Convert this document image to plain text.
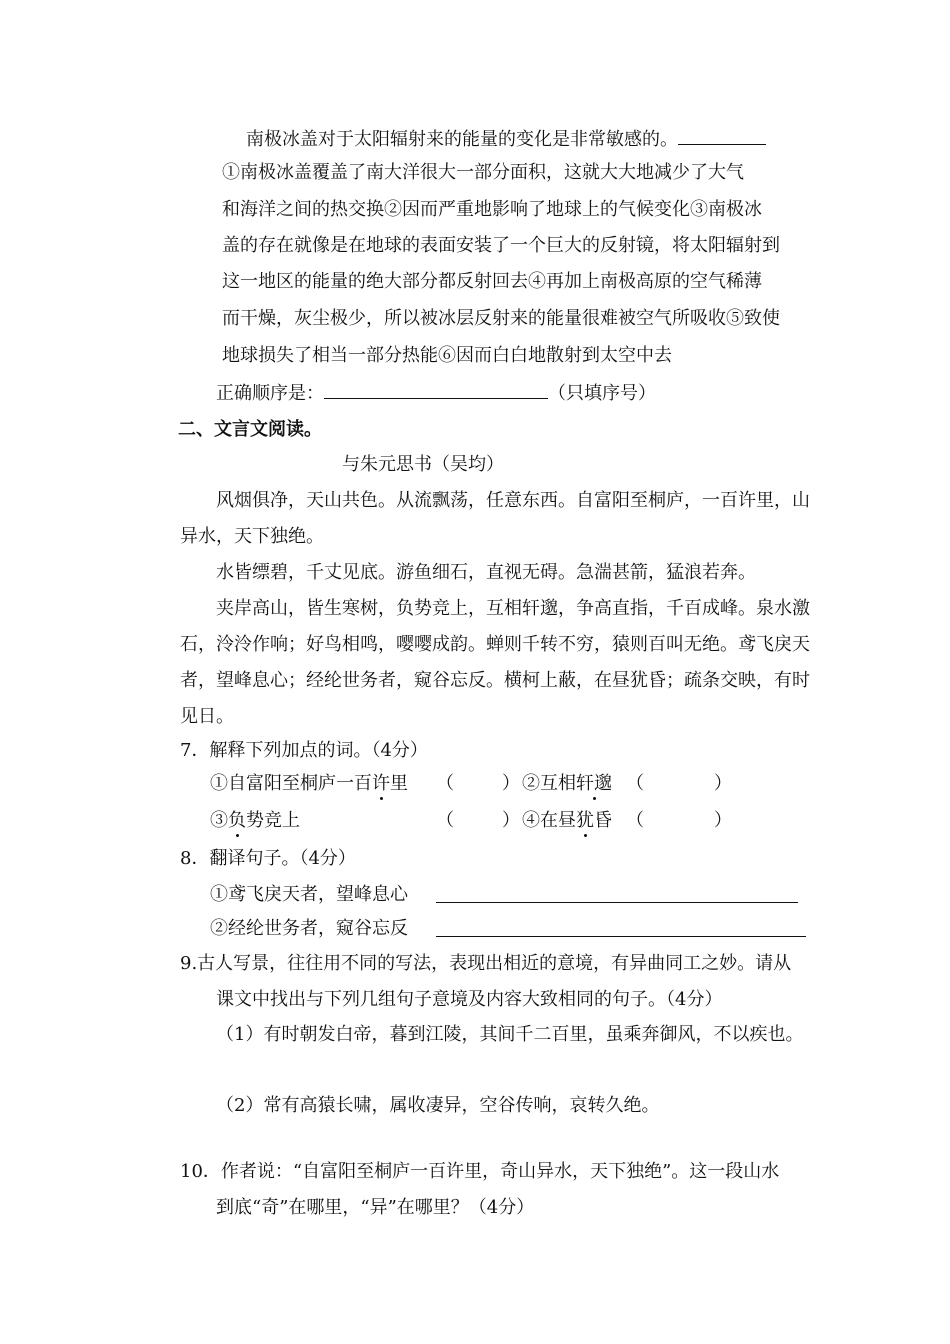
南极冰盖对于太阳辐射来的能量的变化是非常敏感的。
①南极冰盖覆盖了南大洋很大一部分面积，这就大大地减少了大气
和海洋之间的热交换②因而严重地影响了地球上的气候变化③南极冰
盖的存在就像是在地球的表面安装了一个巨大的反射镜，将太阳辐射到
这一地区的能量的绝大部分都反射回去④再加上南极高原的空气稀薄
而干燥，灰尘极少，所以被冰层反射来的能量很难被空气所吸收⑤致使
地球损失了相当一部分热能⑥因而白白地散射到太空中去
正确顺序是：	（只填序号）
二、文言文阅读。
与朱元思书（吴均）
风烟俱净，天山共色。从流飘荡，任意东西。自富阳至桐庐，一百许里，山
异水，天下独绝。
水皆缥碧，千丈见底。游鱼细石，直视无碍。急湍甚箭，猛浪若奔。
夹岸高山，皆生寒树，负势竞上，互相轩邈，争高直指，千百成峰。泉水激
石，泠泠作响；好鸟相鸣，嘤嘤成韵。蝉则千转不穷，猿则百叫无绝。鸢飞戾天
者，望峰息心；经纶世务者，窥谷忘反。横柯上蔽，在昼犹昏；疏条交映，有时
见日。
7．解释下列加点的词。（4分）
①自富阳至桐庐一百许里 （	） ②互相轩邈 （	）
③负势竞上	（	） ④在昼犹昏 （	）
8．翻译句子。（4分）
①鸢飞戾天者，望峰息心
②经纶世务者，窥谷忘反
9.古人写景，往往用不同的写法，表现出相近的意境，有异曲同工之妙。请从
课文中找出与下列几组句子意境及内容大致相同的句子。（4分）
（1）有时朝发白帝，暮到江陵，其间千二百里，虽乘奔御风，不以疾也。
（2）常有高猿长啸，属收凄异，空谷传响，哀转久绝。
10．作者说：“自富阳至桐庐一百许里，奇山异水，天下独绝”。这一段山水
到底“奇”在哪里，“异”在哪里？（4分）
